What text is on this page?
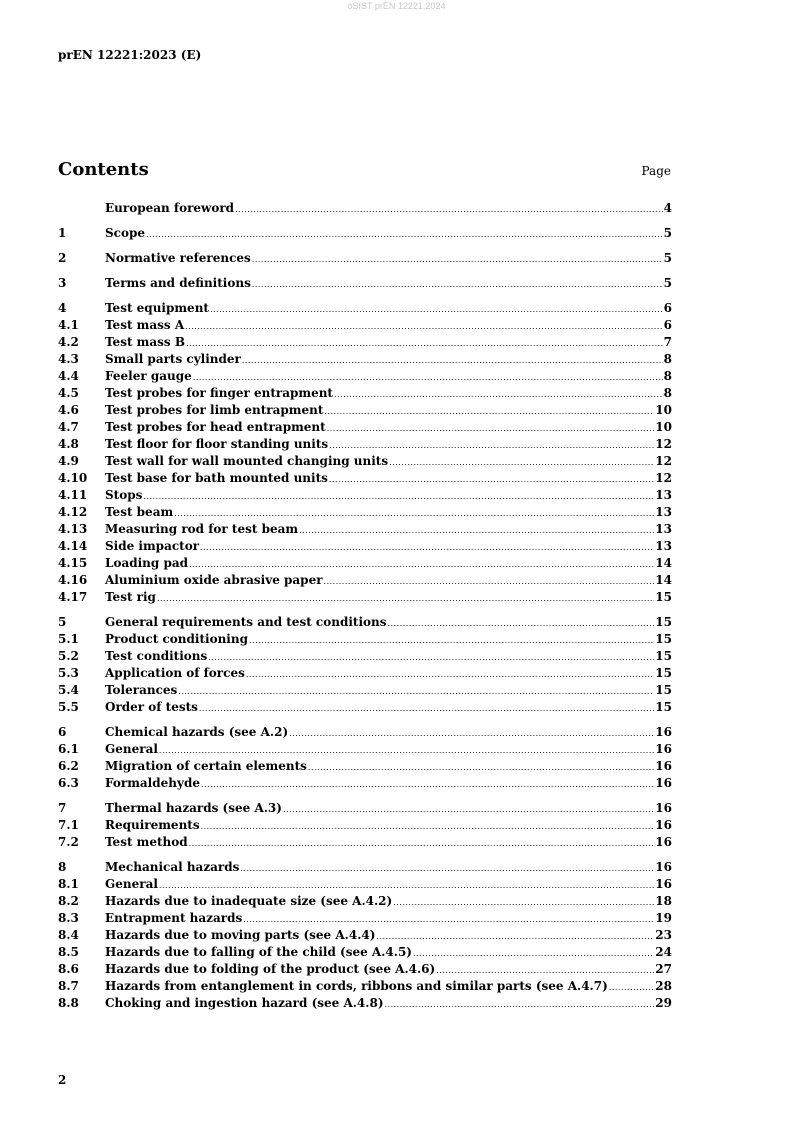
oSIST prEN 12221:2024
prEN 12221:2023 (E)
Contents	Page
European foreword .....	4
1	Scope .....	5
2	Normative references .....	5
3	Terms and definitions .....	5
4	Test equipment .....	6
4.1	Test mass A .....	6
4.2	Test mass B .....	7
4.3	Small parts cylinder .....	8
4.4	Feeler gauge .....	8
4.5	Test probes for finger entrapment .....	8
4.6	Test probes for limb entrapment .....	10
4.7	Test probes for head entrapment .....	10
4.8	Test floor for floor standing units .....	12
4.9	Test wall for wall mounted changing units .....	12
4.10	Test base for bath mounted units .....	12
4.11	Stops .....	13
4.12	Test beam .....	13
4.13	Measuring rod for test beam .....	13
4.14	Side impactor .....	13
4.15	Loading pad .....	14
4.16	Aluminium oxide abrasive paper .....	14
4.17	Test rig .....	15
5	General requirements and test conditions .....	15
5.1	Product conditioning .....	15
5.2	Test conditions .....	15
5.3	Application of forces .....	15
5.4	Tolerances .....	15
5.5	Order of tests .....	15
6	Chemical hazards (see A.2) .....	16
6.1	General .....	16
6.2	Migration of certain elements .....	16
6.3	Formaldehyde .....	16
7	Thermal hazards (see A.3) .....	16
7.1	Requirements .....	16
7.2	Test method .....	16
8	Mechanical hazards .....	16
8.1	General .....	16
8.2	Hazards due to inadequate size (see A.4.2) .....	18
8.3	Entrapment hazards .....	19
8.4	Hazards due to moving parts (see A.4.4) .....	23
8.5	Hazards due to falling of the child (see A.4.5) .....	24
8.6	Hazards due to folding of the product (see A.4.6) .....	27
8.7	Hazards from entanglement in cords, ribbons and similar parts (see A.4.7) .....	28
8.8	Choking and ingestion hazard (see A.4.8) .....	29
2
